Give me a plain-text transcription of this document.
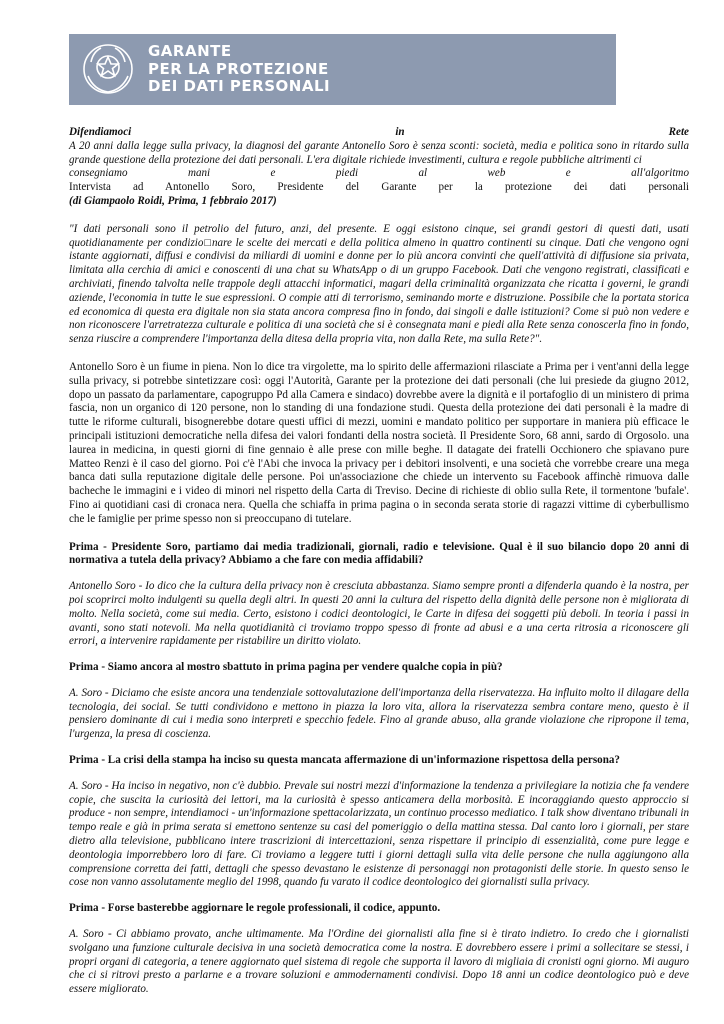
GARANTE
PER LA PROTEZIONE
DEI DATI PERSONALI

Difendiamoci	in	Rete

A 20 anni dalla legge sulla privacy, la diagnosi del garante Antonello Soro è senza sconti: società, media e politica sono in ritardo sulla grande questione della protezione dei dati personali. L'era digitale richiede investimenti, cultura e regole pubbliche altrimenti ci

consegniamo mani e piedi al web e all'algoritmo

Intervista ad Antonello Soro, Presidente del Garante per la protezione dei dati personali

(di Giampaolo Roidi, Prima, 1 febbraio 2017)

"I dati personali sono il petrolio del futuro, anzi, del presente. E oggi esistono cinque, sei grandi gestori di questi dati, usati quotidianamente per condizio□nare le scelte dei mercati e della politica almeno in quattro continenti su cinque. Dati che vengono ogni istante aggiornati, diffusi e condivisi da miliardi di uomini e donne per lo più ancora convinti che quell'attività di diffusione sia privata, limitata alla cerchia di amici e conoscenti di una chat su WhatsApp o di un gruppo Facebook. Dati che vengono registrati, classificati e archiviati, finendo talvolta nelle trappole degli attacchi informatici, magari della criminalità organizzata che ricatta i governi, le grandi aziende, l'economia in tutte le sue espressioni. O compie atti di terrorismo, seminando morte e distruzione. Possibile che la portata storica ed economica di questa era digitale non sia stata ancora compresa fino in fondo, dai singoli e dalle istituzioni? Come si può non vedere e non riconoscere l'arretratezza culturale e politica di una società che si è consegnata mani e piedi alla Rete senza conoscerla fino in fondo, senza riuscire a comprendere l'importanza della ditesa della propria vita, non dalla Rete, ma sulla Rete?".

Antonello Soro è un fiume in piena. Non lo dice tra virgolette, ma lo spirito delle affermazioni rilasciate a Prima per i vent'anni della legge sulla privacy, si potrebbe sintetizzare così: oggi l'Autorità, Garante per la protezione dei dati personali (che lui presiede da giugno 2012, dopo un passato da parlamentare, capogruppo Pd alla Camera e sindaco) dovrebbe avere la dignità e il portafoglio di un ministero di prima fascia, non un organico di 120 persone, non lo standing di una fondazione studi. Questa della protezione dei dati personali è la madre di tutte le riforme culturali, bisognerebbe dotare questi uffici di mezzi, uomini e mandato politico per supportare in maniera più efficace le principali istituzioni democratiche nella difesa dei valori fondanti della nostra società. Il Presidente Soro, 68 anni, sardo di Orgosolo. una laurea in medicina, in questi giorni di fine gennaio è alle prese con mille beghe. Il datagate dei fratelli Occhionero che spiavano pure Matteo Renzi è il caso del giorno. Poi c'è l'Abi che invoca la privacy per i debitori insolventi, e una società che vorrebbe creare una mega banca dati sulla reputazione digitale delle persone. Poi un'associazione che chiede un intervento su Facebook affinchè rimuova dalle bacheche le immagini e i video di minori nel rispetto della Carta di Treviso. Decine di richieste di oblio sulla Rete, il tormentone 'bufale'. Fino ai quotidiani casi di cronaca nera. Quella che schiaffa in prima pagina o in seconda serata storie di ragazzi vittime di cyberbullismo che le famiglie per prime spesso non si preoccupano di tutelare.

Prima - Presidente Soro, partiamo dai media tradizionali, giornali, radio e televisione. Qual è il suo bilancio dopo 20 anni di normativa a tutela della privacy? Abbiamo a che fare con media affidabili?

Antonello Soro - Io dico che la cultura della privacy non è cresciuta abbastanza. Siamo sempre pronti a difenderla quando è la nostra, per poi scoprirci molto indulgenti su quella degli altri. In questi 20 anni la cultura del rispetto della dignità delle persone non è migliorata di molto. Nella società, come sui media. Certo, esistono i codici deontologici, le Carte in difesa dei soggetti più deboli. In teoria i passi in avanti, sono stati notevoli. Ma nella quotidianità ci troviamo troppo spesso di fronte ad abusi e a una certa ritrosia a riconoscere gli errori, a intervenire rapidamente per ristabilire un diritto violato.

Prima - Siamo ancora al mostro sbattuto in prima pagina per vendere qualche copia in più?

A. Soro - Diciamo che esiste ancora una tendenziale sottovalutazione dell'importanza della riservatezza. Ha influito molto il dilagare della tecnologia, dei social. Se tutti condividono e mettono in piazza la loro vita, allora la riservatezza sembra contare meno, questo è il pensiero dominante di cui i media sono interpreti e specchio fedele. Fino al grande abuso, alla grande violazione che ripropone il tema, l'urgenza, la presa di coscienza.

Prima - La crisi della stampa ha inciso su questa mancata affermazione di un'informazione rispettosa della persona?

A. Soro - Ha inciso in negativo, non c'è dubbio. Prevale sui nostri mezzi d'informazione la tendenza a privilegiare la notizia che fa vendere copie, che suscita la curiosità dei lettori, ma la curiosità è spesso anticamera della morbosità. E incoraggiando questo approccio si produce - non sempre, intendiamoci - un'informazione spettacolarizzata, un continuo processo mediatico. I talk show diventano tribunali in tempo reale e già in prima serata si emettono sentenze su casi del pomeriggio o della mattina stessa. Dal canto loro i giornali, per stare dietro alla televisione, pubblicano intere trascrizioni di intercettazioni, senza rispettare il principio di essenzialità, come pure legge e deontologia imporrebbero loro di fare. Ci troviamo a leggere tutti i giorni dettagli sulla vita delle persone che nulla aggiungono alla comprensione corretta dei fatti, dettagli che spesso devastano le esistenze di personaggi non protagonisti delle storie. In questo senso le cose non vanno assolutamente meglio del 1998, quando fu varato il codice deontologico dei giornalisti sulla privacy.

Prima - Forse basterebbe aggiornare le regole professionali, il codice, appunto.

A. Soro - Ci abbiamo provato, anche ultimamente. Ma l'Ordine dei giornalisti alla fine si è tirato indietro. Io credo che i giornalisti svolgano una funzione culturale decisiva in una società democratica come la nostra. E dovrebbero essere i primi a sollecitare se stessi, i propri organi di categoria, a tenere aggiornato quel sistema di regole che supporta il lavoro di migliaia di cronisti ogni giorno. Mi auguro che ci si ritrovi presto a parlarne e a trovare soluzioni e ammodernamenti condivisi. Dopo 18 anni un codice deontologico può e deve essere migliorato.
